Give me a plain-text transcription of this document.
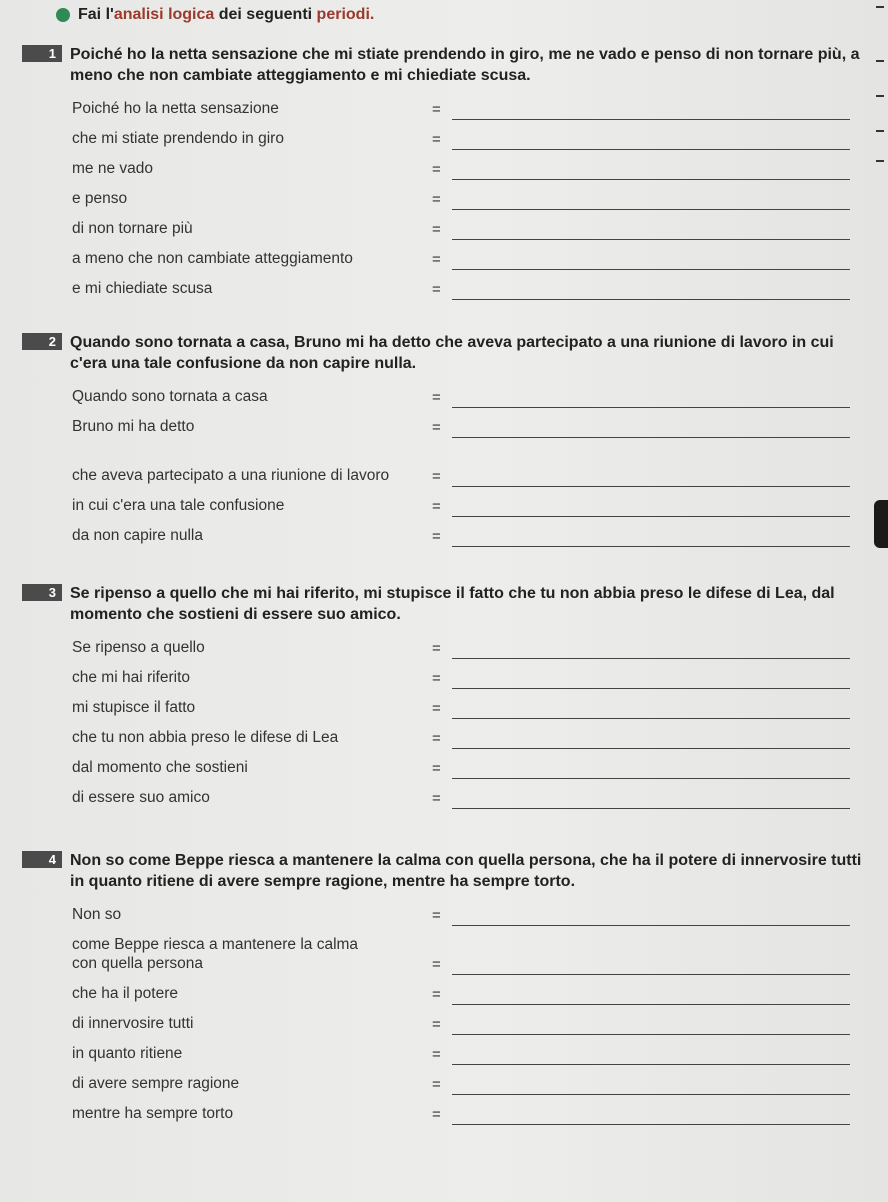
Fai l'analisi logica dei seguenti periodi.
1 Poiché ho la netta sensazione che mi stiate prendendo in giro, me ne vado e penso di non tornare più, a meno che non cambiate atteggiamento e mi chiediate scusa.
Poiché ho la netta sensazione	=
che mi stiate prendendo in giro	=
me ne vado	=
e penso	=
di non tornare più	=
a meno che non cambiate atteggiamento	=
e mi chiediate scusa	=
2 Quando sono tornata a casa, Bruno mi ha detto che aveva partecipato a una riunione di lavoro in cui c'era una tale confusione da non capire nulla.
Quando sono tornata a casa	=
Bruno mi ha detto	=
che aveva partecipato a una riunione di lavoro	=
in cui c'era una tale confusione	=
da non capire nulla	=
3 Se ripenso a quello che mi hai riferito, mi stupisce il fatto che tu non abbia preso le difese di Lea, dal momento che sostieni di essere suo amico.
Se ripenso a quello	=
che mi hai riferito	=
mi stupisce il fatto	=
che tu non abbia preso le difese di Lea	=
dal momento che sostieni	=
di essere suo amico	=
4 Non so come Beppe riesca a mantenere la calma con quella persona, che ha il potere di innervosire tutti in quanto ritiene di avere sempre ragione, mentre ha sempre torto.
Non so	=
come Beppe riesca a mantenere la calma con quella persona	=
che ha il potere	=
di innervosire tutti	=
in quanto ritiene	=
di avere sempre ragione	=
mentre ha sempre torto	=
